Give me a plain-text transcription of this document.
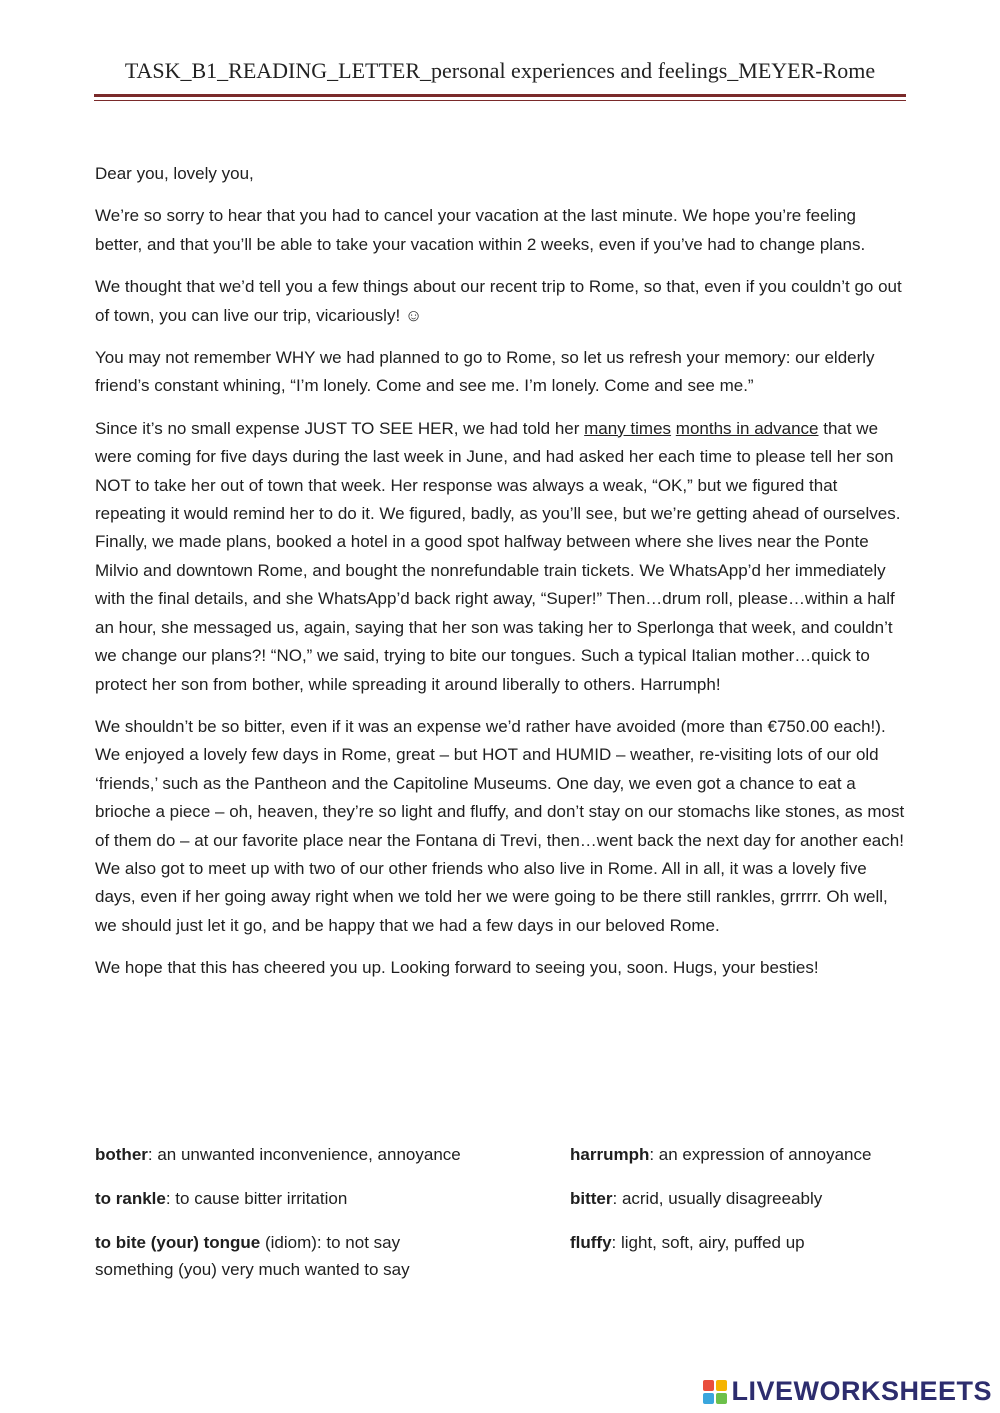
TASK_B1_READING_LETTER_personal experiences and feelings_MEYER-Rome

Dear you, lovely you,

We’re so sorry to hear that you had to cancel your vacation at the last minute. We hope you’re feeling better, and that you’ll be able to take your vacation within 2 weeks, even if you’ve had to change plans.

We thought that we’d tell you a few things about our recent trip to Rome, so that, even if you couldn’t go out of town, you can live our trip, vicariously! ☺

You may not remember WHY we had planned to go to Rome, so let us refresh your memory: our elderly friend’s constant whining, “I’m lonely. Come and see me. I’m lonely. Come and see me.”

Since it’s no small expense JUST TO SEE HER, we had told her many times months in advance that we were coming for five days during the last week in June, and had asked her each time to please tell her son NOT to take her out of town that week. Her response was always a weak, “OK,” but we figured that repeating it would remind her to do it. We figured, badly, as you’ll see, but we’re getting ahead of ourselves. Finally, we made plans, booked a hotel in a good spot halfway between where she lives near the Ponte Milvio and downtown Rome, and bought the nonrefundable train tickets. We WhatsApp’d her immediately with the final details, and she WhatsApp’d back right away, “Super!” Then…drum roll, please…within a half an hour, she messaged us, again, saying that her son was taking her to Sperlonga that week, and couldn’t we change our plans?! “NO,” we said, trying to bite our tongues. Such a typical Italian mother…quick to protect her son from bother, while spreading it around liberally to others. Harrumph!

We shouldn’t be so bitter, even if it was an expense we’d rather have avoided (more than €750.00 each!). We enjoyed a lovely few days in Rome, great – but HOT and HUMID – weather, re-visiting lots of our old ‘friends,’ such as the Pantheon and the Capitoline Museums. One day, we even got a chance to eat a brioche a piece – oh, heaven, they’re so light and fluffy, and don’t stay on our stomachs like stones, as most of them do – at our favorite place near the Fontana di Trevi, then…went back the next day for another each! We also got to meet up with two of our other friends who also live in Rome. All in all, it was a lovely five days, even if her going away right when we told her we were going to be there still rankles, grrrrr. Oh well, we should just let it go, and be happy that we had a few days in our beloved Rome.

We hope that this has cheered you up. Looking forward to seeing you, soon. Hugs, your besties!

bother: an unwanted inconvenience, annoyance	harrumph: an expression of annoyance
to rankle: to cause bitter irritation	bitter: acrid, usually disagreeably
to bite (your) tongue (idiom): to not say something (you) very much wanted to say
fluffy: light, soft, airy, puffed up
LIVEWORKSHEETS
